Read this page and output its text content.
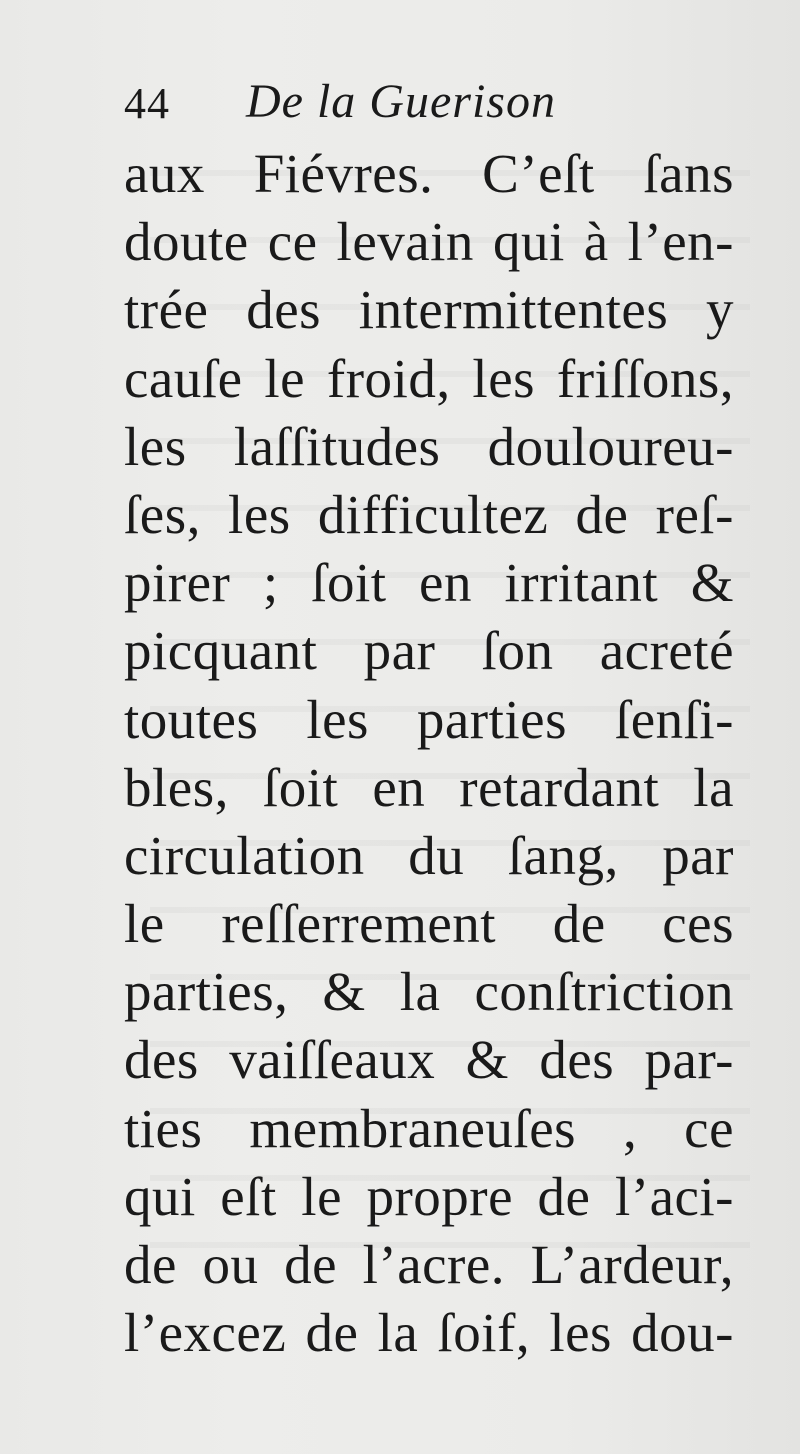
44 De la Guerison
aux Fiévres. C’eſt ſans
doute ce levain qui à l’en-
trée des intermittentes y
cauſe le froid, les friſſons,
les laſſitudes douloureu-
ſes, les difficultez de reſ-
pirer ; ſoit en irritant &
picquant par ſon acreté
toutes les parties ſenſi-
bles, ſoit en retardant la
circulation du ſang, par
le reſſerrement de ces
parties, & la conſtriction
des vaiſſeaux & des par-
ties membraneuſes , ce
qui eſt le propre de l’aci-
de ou de l’acre. L’ardeur,
l’excez de la ſoif, les dou-
